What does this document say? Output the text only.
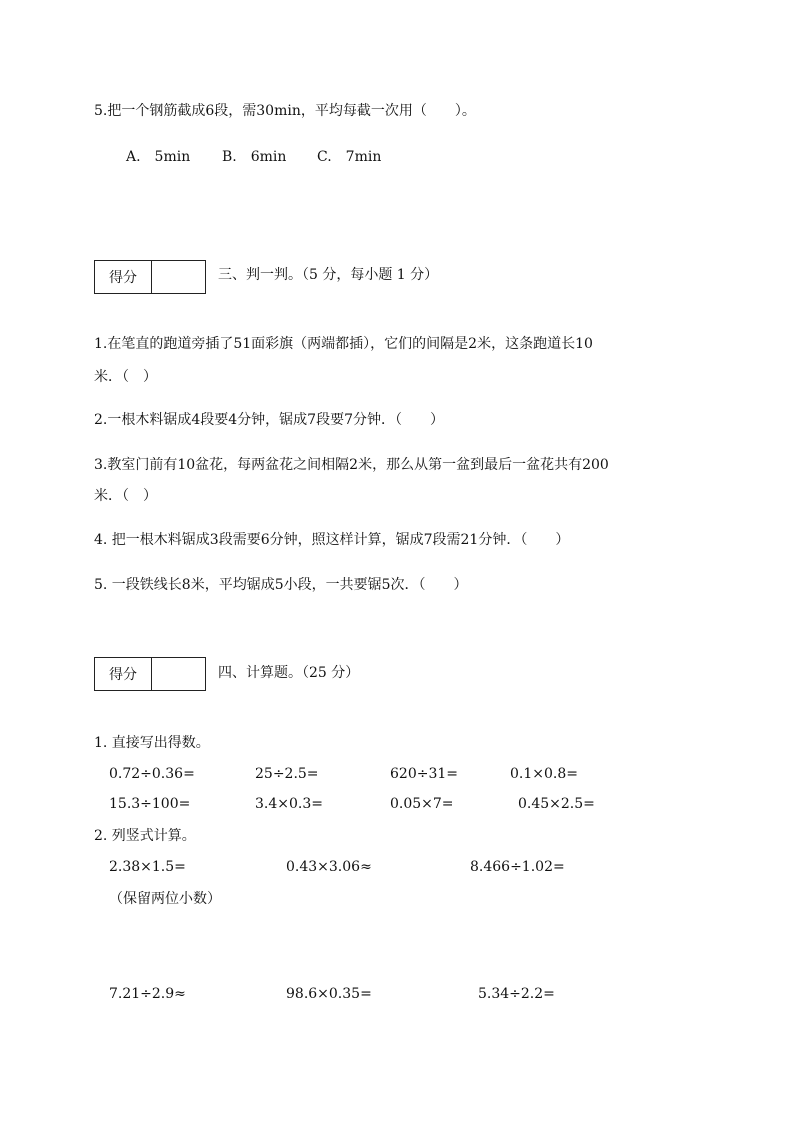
5.把一个钢筋截成6段，需30min，平均每截一次用（　　）。
A.　5min B.　6min C.　7min
得分	三、判一判。（5 分，每小题 1 分）
1.在笔直的跑道旁插了51面彩旗（两端都插），它们的间隔是2米，这条跑道长10
米．（　）
2.一根木料锯成4段要4分钟，锯成7段要7分钟．（　　）
3.教室门前有10盆花，每两盆花之间相隔2米，那么从第一盆到最后一盆花共有200
米．（　）
4. 把一根木料锯成3段需要6分钟，照这样计算，锯成7段需21分钟．（　　）
5. 一段铁线长8米，平均锯成5小段，一共要锯5次．（　　）
得分	四、计算题。（25 分）
1. 直接写出得数。
0.72÷0.36=	25÷2.5=	620÷31=	0.1×0.8=
15.3÷100=	3.4×0.3=	0.05×7=	0.45×2.5=
2. 列竖式计算。
2.38×1.5=	0.43×3.06≈	8.466÷1.02=
（保留两位小数）
7.21÷2.9≈	98.6×0.35=	5.34÷2.2=
